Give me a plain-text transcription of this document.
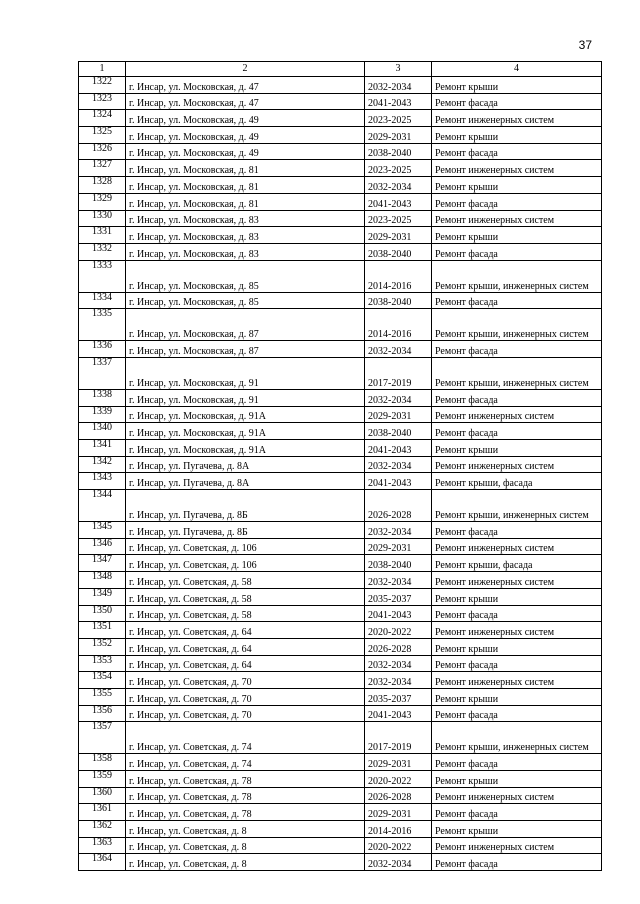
37
1	2	3	4
1322	г. Инсар, ул. Московская, д. 47	2032-2034	Ремонт крыши
1323	г. Инсар, ул. Московская, д. 47	2041-2043	Ремонт фасада
1324	г. Инсар, ул. Московская, д. 49	2023-2025	Ремонт инженерных систем
1325	г. Инсар, ул. Московская, д. 49	2029-2031	Ремонт крыши
1326	г. Инсар, ул. Московская, д. 49	2038-2040	Ремонт фасада
1327	г. Инсар, ул. Московская, д. 81	2023-2025	Ремонт инженерных систем
1328	г. Инсар, ул. Московская, д. 81	2032-2034	Ремонт крыши
1329	г. Инсар, ул. Московская, д. 81	2041-2043	Ремонт фасада
1330	г. Инсар, ул. Московская, д. 83	2023-2025	Ремонт инженерных систем
1331	г. Инсар, ул. Московская, д. 83	2029-2031	Ремонт крыши
1332	г. Инсар, ул. Московская, д. 83	2038-2040	Ремонт фасада
1333	г. Инсар, ул. Московская, д. 85	2014-2016	Ремонт крыши, инженерных систем
1334	г. Инсар, ул. Московская, д. 85	2038-2040	Ремонт фасада
1335	г. Инсар, ул. Московская, д. 87	2014-2016	Ремонт крыши, инженерных систем
1336	г. Инсар, ул. Московская, д. 87	2032-2034	Ремонт фасада
1337	г. Инсар, ул. Московская, д. 91	2017-2019	Ремонт крыши, инженерных систем
1338	г. Инсар, ул. Московская, д. 91	2032-2034	Ремонт фасада
1339	г. Инсар, ул. Московская, д. 91А	2029-2031	Ремонт инженерных систем
1340	г. Инсар, ул. Московская, д. 91А	2038-2040	Ремонт фасада
1341	г. Инсар, ул. Московская, д. 91А	2041-2043	Ремонт крыши
1342	г. Инсар, ул. Пугачева, д. 8А	2032-2034	Ремонт инженерных систем
1343	г. Инсар, ул. Пугачева, д. 8А	2041-2043	Ремонт крыши, фасада
1344	г. Инсар, ул. Пугачева, д. 8Б	2026-2028	Ремонт крыши, инженерных систем
1345	г. Инсар, ул. Пугачева, д. 8Б	2032-2034	Ремонт фасада
1346	г. Инсар, ул. Советская, д. 106	2029-2031	Ремонт инженерных систем
1347	г. Инсар, ул. Советская, д. 106	2038-2040	Ремонт крыши, фасада
1348	г. Инсар, ул. Советская, д. 58	2032-2034	Ремонт инженерных систем
1349	г. Инсар, ул. Советская, д. 58	2035-2037	Ремонт крыши
1350	г. Инсар, ул. Советская, д. 58	2041-2043	Ремонт фасада
1351	г. Инсар, ул. Советская, д. 64	2020-2022	Ремонт инженерных систем
1352	г. Инсар, ул. Советская, д. 64	2026-2028	Ремонт крыши
1353	г. Инсар, ул. Советская, д. 64	2032-2034	Ремонт фасада
1354	г. Инсар, ул. Советская, д. 70	2032-2034	Ремонт инженерных систем
1355	г. Инсар, ул. Советская, д. 70	2035-2037	Ремонт крыши
1356	г. Инсар, ул. Советская, д. 70	2041-2043	Ремонт фасада
1357	г. Инсар, ул. Советская, д. 74	2017-2019	Ремонт крыши, инженерных систем
1358	г. Инсар, ул. Советская, д. 74	2029-2031	Ремонт фасада
1359	г. Инсар, ул. Советская, д. 78	2020-2022	Ремонт крыши
1360	г. Инсар, ул. Советская, д. 78	2026-2028	Ремонт инженерных систем
1361	г. Инсар, ул. Советская, д. 78	2029-2031	Ремонт фасада
1362	г. Инсар, ул. Советская, д. 8	2014-2016	Ремонт крыши
1363	г. Инсар, ул. Советская, д. 8	2020-2022	Ремонт инженерных систем
1364	г. Инсар, ул. Советская, д. 8	2032-2034	Ремонт фасада
